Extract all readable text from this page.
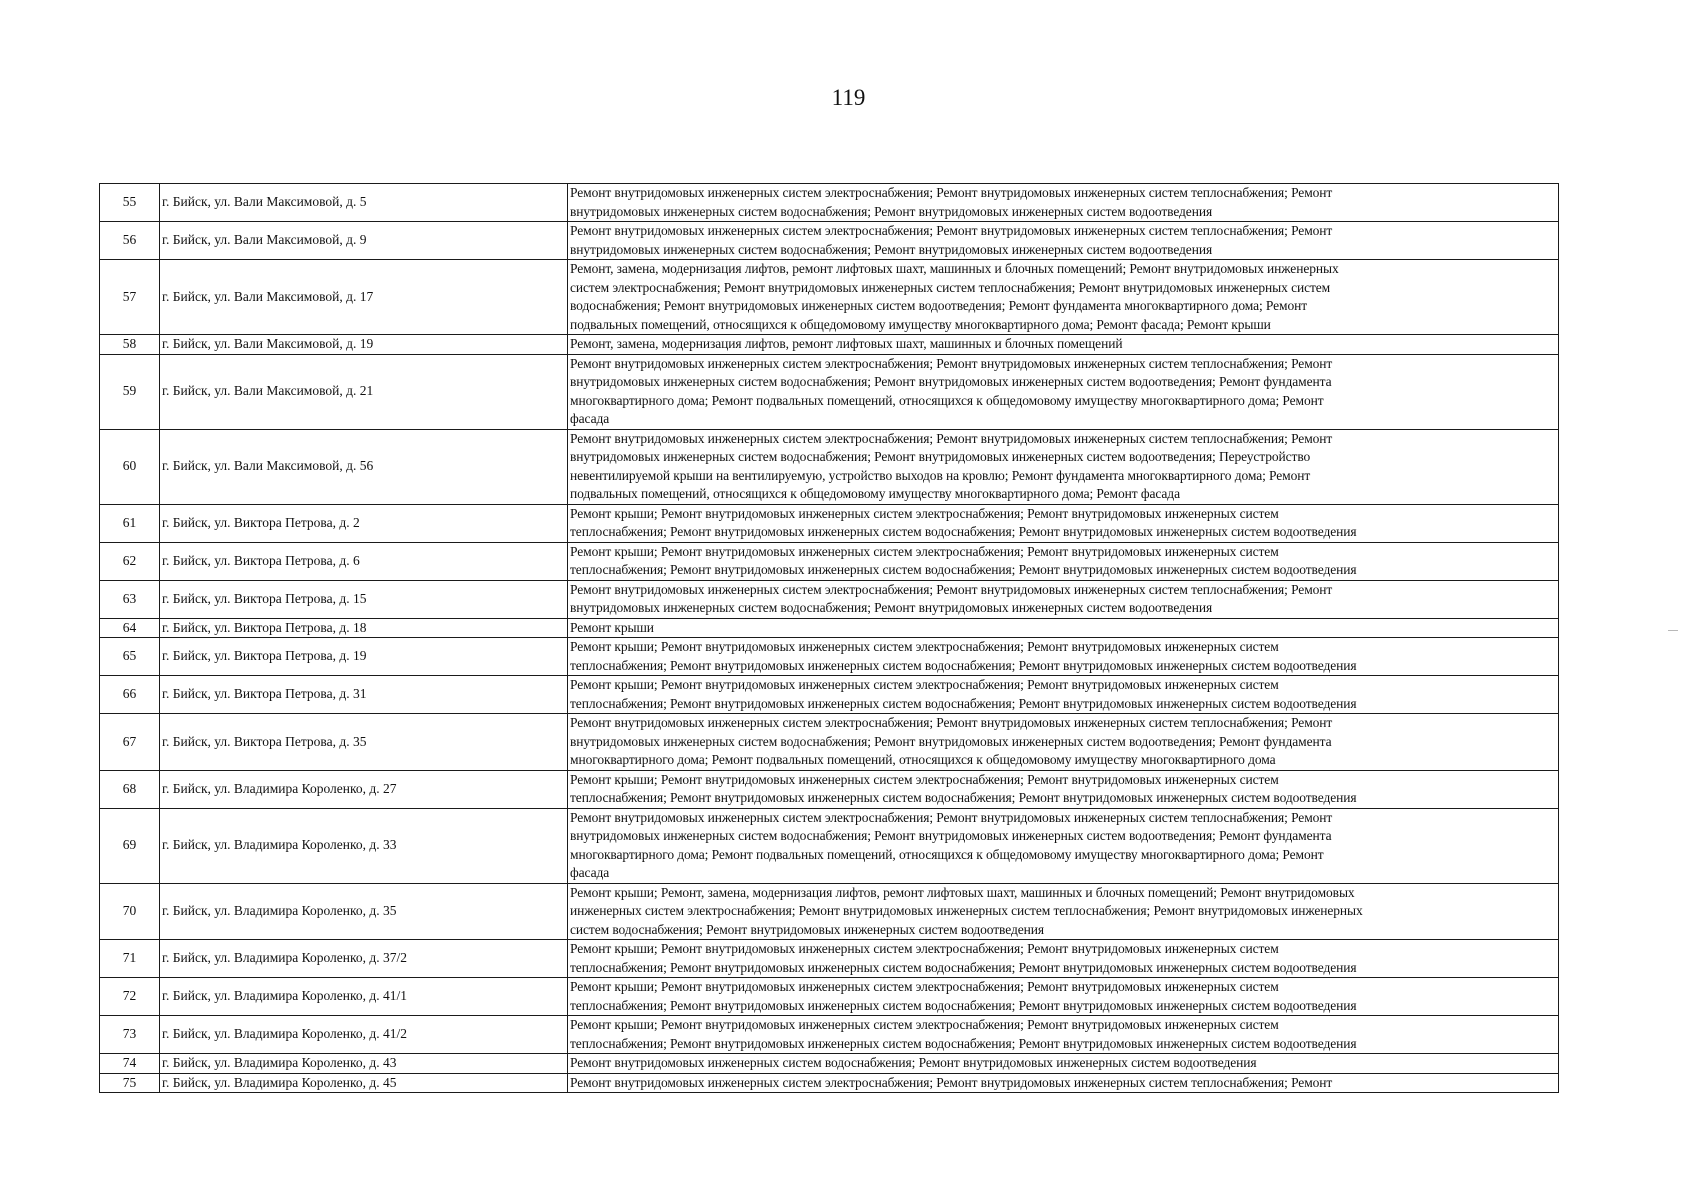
119
55	г. Бийск, ул. Вали Максимовой, д. 5	Ремонт внутридомовых инженерных систем электроснабжения; Ремонт внутридомовых инженерных систем теплоснабжения; Ремонт
внутридомовых инженерных систем водоснабжения; Ремонт внутридомовых инженерных систем водоотведения

56	г. Бийск, ул. Вали Максимовой, д. 9	Ремонт внутридомовых инженерных систем электроснабжения; Ремонт внутридомовых инженерных систем теплоснабжения; Ремонт
внутридомовых инженерных систем водоснабжения; Ремонт внутридомовых инженерных систем водоотведения

57	г. Бийск, ул. Вали Максимовой, д. 17	Ремонт, замена, модернизация лифтов, ремонт лифтовых шахт, машинных и блочных помещений; Ремонт внутридомовых инженерных
систем электроснабжения; Ремонт внутридомовых инженерных систем теплоснабжения; Ремонт внутридомовых инженерных систем
водоснабжения; Ремонт внутридомовых инженерных систем водоотведения; Ремонт фундамента многоквартирного дома; Ремонт
подвальных помещений, относящихся к общедомовому имуществу многоквартирного дома; Ремонт фасада; Ремонт крыши

58	г. Бийск, ул. Вали Максимовой, д. 19	Ремонт, замена, модернизация лифтов, ремонт лифтовых шахт, машинных и блочных помещений

59	г. Бийск, ул. Вали Максимовой, д. 21	Ремонт внутридомовых инженерных систем электроснабжения; Ремонт внутридомовых инженерных систем теплоснабжения; Ремонт
внутридомовых инженерных систем водоснабжения; Ремонт внутридомовых инженерных систем водоотведения; Ремонт фундамента
многоквартирного дома; Ремонт подвальных помещений, относящихся к общедомовому имуществу многоквартирного дома; Ремонт
фасада

60	г. Бийск, ул. Вали Максимовой, д. 56	Ремонт внутридомовых инженерных систем электроснабжения; Ремонт внутридомовых инженерных систем теплоснабжения; Ремонт
внутридомовых инженерных систем водоснабжения; Ремонт внутридомовых инженерных систем водоотведения; Переустройство
невентилируемой крыши на вентилируемую, устройство выходов на кровлю; Ремонт фундамента многоквартирного дома; Ремонт
подвальных помещений, относящихся к общедомовому имуществу многоквартирного дома; Ремонт фасада

61	г. Бийск, ул. Виктора Петрова, д. 2	Ремонт крыши; Ремонт внутридомовых инженерных систем электроснабжения; Ремонт внутридомовых инженерных систем
теплоснабжения; Ремонт внутридомовых инженерных систем водоснабжения; Ремонт внутридомовых инженерных систем водоотведения

62	г. Бийск, ул. Виктора Петрова, д. 6	Ремонт крыши; Ремонт внутридомовых инженерных систем электроснабжения; Ремонт внутридомовых инженерных систем
теплоснабжения; Ремонт внутридомовых инженерных систем водоснабжения; Ремонт внутридомовых инженерных систем водоотведения

63	г. Бийск, ул. Виктора Петрова, д. 15	Ремонт внутридомовых инженерных систем электроснабжения; Ремонт внутридомовых инженерных систем теплоснабжения; Ремонт
внутридомовых инженерных систем водоснабжения; Ремонт внутридомовых инженерных систем водоотведения

64	г. Бийск, ул. Виктора Петрова, д. 18	Ремонт крыши

65	г. Бийск, ул. Виктора Петрова, д. 19	Ремонт крыши; Ремонт внутридомовых инженерных систем электроснабжения; Ремонт внутридомовых инженерных систем
теплоснабжения; Ремонт внутридомовых инженерных систем водоснабжения; Ремонт внутридомовых инженерных систем водоотведения

66	г. Бийск, ул. Виктора Петрова, д. 31	Ремонт крыши; Ремонт внутридомовых инженерных систем электроснабжения; Ремонт внутридомовых инженерных систем
теплоснабжения; Ремонт внутридомовых инженерных систем водоснабжения; Ремонт внутридомовых инженерных систем водоотведения

67	г. Бийск, ул. Виктора Петрова, д. 35	Ремонт внутридомовых инженерных систем электроснабжения; Ремонт внутридомовых инженерных систем теплоснабжения; Ремонт
внутридомовых инженерных систем водоснабжения; Ремонт внутридомовых инженерных систем водоотведения; Ремонт фундамента
многоквартирного дома; Ремонт подвальных помещений, относящихся к общедомовому имуществу многоквартирного дома

68	г. Бийск, ул. Владимира Короленко, д. 27	Ремонт крыши; Ремонт внутридомовых инженерных систем электроснабжения; Ремонт внутридомовых инженерных систем
теплоснабжения; Ремонт внутридомовых инженерных систем водоснабжения; Ремонт внутридомовых инженерных систем водоотведения

69	г. Бийск, ул. Владимира Короленко, д. 33	Ремонт внутридомовых инженерных систем электроснабжения; Ремонт внутридомовых инженерных систем теплоснабжения; Ремонт
внутридомовых инженерных систем водоснабжения; Ремонт внутридомовых инженерных систем водоотведения; Ремонт фундамента
многоквартирного дома; Ремонт подвальных помещений, относящихся к общедомовому имуществу многоквартирного дома; Ремонт
фасада

70	г. Бийск, ул. Владимира Короленко, д. 35	Ремонт крыши; Ремонт, замена, модернизация лифтов, ремонт лифтовых шахт, машинных и блочных помещений; Ремонт внутридомовых
инженерных систем электроснабжения; Ремонт внутридомовых инженерных систем теплоснабжения; Ремонт внутридомовых инженерных
систем водоснабжения; Ремонт внутридомовых инженерных систем водоотведения

71	г. Бийск, ул. Владимира Короленко, д. 37/2	Ремонт крыши; Ремонт внутридомовых инженерных систем электроснабжения; Ремонт внутридомовых инженерных систем
теплоснабжения; Ремонт внутридомовых инженерных систем водоснабжения; Ремонт внутридомовых инженерных систем водоотведения

72	г. Бийск, ул. Владимира Короленко, д. 41/1	Ремонт крыши; Ремонт внутридомовых инженерных систем электроснабжения; Ремонт внутридомовых инженерных систем
теплоснабжения; Ремонт внутридомовых инженерных систем водоснабжения; Ремонт внутридомовых инженерных систем водоотведения

73	г. Бийск, ул. Владимира Короленко, д. 41/2	Ремонт крыши; Ремонт внутридомовых инженерных систем электроснабжения; Ремонт внутридомовых инженерных систем
теплоснабжения; Ремонт внутридомовых инженерных систем водоснабжения; Ремонт внутридомовых инженерных систем водоотведения

74	г. Бийск, ул. Владимира Короленко, д. 43	Ремонт внутридомовых инженерных систем водоснабжения; Ремонт внутридомовых инженерных систем водоотведения

75	г. Бийск, ул. Владимира Короленко, д. 45	Ремонт внутридомовых инженерных систем электроснабжения; Ремонт внутридомовых инженерных систем теплоснабжения; Ремонт
